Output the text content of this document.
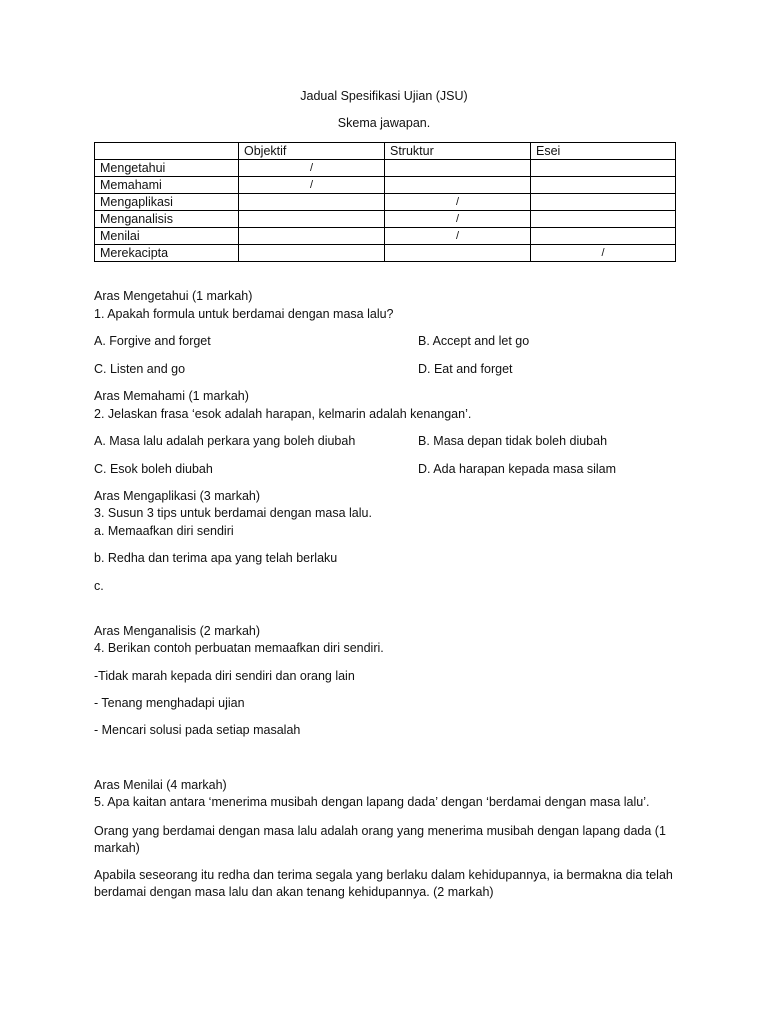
Jadual Spesifikasi Ujian (JSU)
Skema jawapan.
	Objektif	Struktur	Esei
Mengetahui	/		
Memahami	/		
Mengaplikasi		/	
Menganalisis		/	
Menilai		/	
Merekacipta			/
Aras Mengetahui (1 markah)
1. Apakah formula untuk berdamai dengan masa lalu?
A. Forgive and forget	B. Accept and let go
C. Listen and go	D. Eat and forget
Aras Memahami (1 markah)
2. Jelaskan frasa ‘esok adalah harapan, kelmarin adalah kenangan’.
A. Masa lalu adalah perkara yang boleh diubah	B. Masa depan tidak boleh diubah
C. Esok boleh diubah	D. Ada harapan kepada masa silam
Aras Mengaplikasi (3 markah)
3. Susun 3 tips untuk berdamai dengan masa lalu.
a. Memaafkan diri sendiri
b. Redha dan terima apa yang telah berlaku
c.
Aras Menganalisis (2 markah)
4. Berikan contoh perbuatan memaafkan diri sendiri.
-Tidak marah kepada diri sendiri dan orang lain
- Tenang menghadapi ujian
- Mencari solusi pada setiap masalah
Aras Menilai (4 markah)
5. Apa kaitan antara ‘menerima musibah dengan lapang dada’ dengan ‘berdamai dengan masa lalu’.
Orang yang berdamai dengan masa lalu adalah orang yang menerima musibah dengan lapang dada (1 markah)
Apabila seseorang itu redha dan terima segala yang berlaku dalam kehidupannya, ia bermakna dia telah berdamai dengan masa lalu dan akan tenang kehidupannya. (2 markah)
